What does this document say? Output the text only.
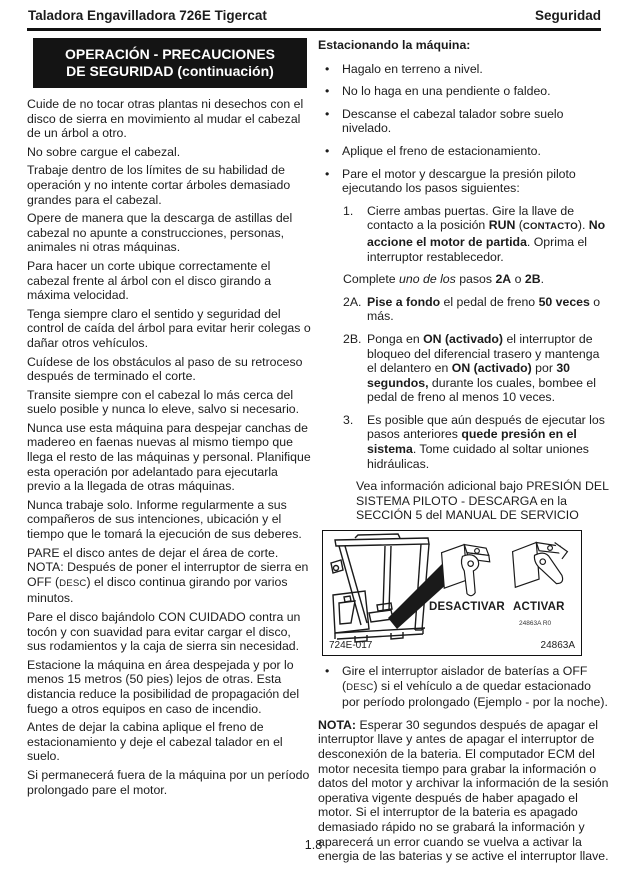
Taladora Engavilladora 726E Tigercat	Seguridad
OPERACIÓN - PRECAUCIONES
DE SEGURIDAD (continuación)

Cuide de no tocar otras plantas ni desechos con el disco de sierra en movimiento al mudar el cabezal de un árbol a otro.

No sobre cargue el cabezal.

Trabaje dentro de los límites de su habilidad de operación y no intente cortar árboles demasiado grandes para el cabezal.

Opere de manera que la descarga de astillas del cabezal no apunte a construcciones, personas, animales ni otras máquinas.

Para hacer un corte ubique correctamente el cabezal frente al árbol con el disco girando a máxima velocidad.

Tenga siempre claro el sentido y seguridad del control de caída del árbol para evitar herir colegas o dañar otros vehículos.

Cuídese de los obstáculos al paso de su retroceso después de terminado el corte.

Transite siempre con el cabezal lo más cerca del suelo posible y nunca lo eleve, salvo si necesario.

Nunca use esta máquina para despejar canchas de madereo en faenas nuevas al mismo tiempo que llega el resto de las máquinas y personal. Planifique esta operación por adelantado para ejecutarla previo a la llegada de otras máquinas.

Nunca trabaje solo. Informe regularmente a sus compañeros de sus intenciones, ubicación y el tiempo que le tomará la ejecución de sus deberes.

PARE el disco antes de dejar el área de corte. NOTA: Después de poner el interruptor de sierra en OFF (DESC) el disco continua girando por varios minutos.

Pare el disco bajándolo CON CUIDADO contra un tocón y con suavidad para evitar cargar el disco, sus rodamientos y la caja de sierra sin necesidad.

Estacione la máquina en área despejada y por lo menos 15 metros (50 pies) lejos de otras. Esta distancia reduce la posibilidad de propagación del fuego a otros equipos en caso de incendio.

Antes de dejar la cabina aplique el freno de estacionamiento y deje el cabezal talador en el suelo.

Si permanecerá fuera de la máquina por un período prolongado pare el motor.

Estacionando la máquina:
•
Hagalo en terreno a nivel.
•
No lo haga en una pendiente o faldeo.
•
Descanse el cabezal talador sobre suelo nivelado.
•
Aplique el freno de estacionamiento.
•
Pare el motor y descargue la presión piloto ejecutando los pasos siguientes:
1.	Cierre ambas puertas. Gire la llave de contacto a la posición RUN (CONTACTO). No accione el motor de partida. Oprima el interruptor restablecedor.

Complete uno de los pasos 2A o 2B.

2A. Pise a fondo el pedal de freno 50 veces o más.
2B. Ponga en ON (activado) el interruptor de bloqueo del diferencial trasero y mantenga el delantero en ON (activado) por 30 segundos, durante los cuales, bombee el pedal de freno al menos 10 veces.
3.	Es posible que aún después de ejecutar los pasos anteriores quede presión en el sistema. Tome cuidado al soltar uniones hidráulicas.

Vea información adicional bajo PRESIÓN DEL SISTEMA PILOTO - DESCARGA en la SECCIÓN 5 del MANUAL DE SERVICIO

DESACTIVAR ACTIVAR
24863A R0
724E-017	24863A
•
Gire el interruptor aislador de baterías a OFF (DESC) si el vehículo a de quedar estacionado por período prolongado (Ejemplo - por la noche).

NOTA: Esperar 30 segundos después de apagar el interruptor llave y antes de apagar el interruptor de desconexión de la bateria. El computador ECM del motor necesita tiempo para grabar la información o datos del motor y archivar la información de la sesión operativa vigente después de haber apagado el motor. Si el interruptor de la bateria es apagado demasiado rápido no se grabará la información y aparecerá un error cuando se vuelva a activar la energia de las baterias y se active el interruptor llave.

1.8
